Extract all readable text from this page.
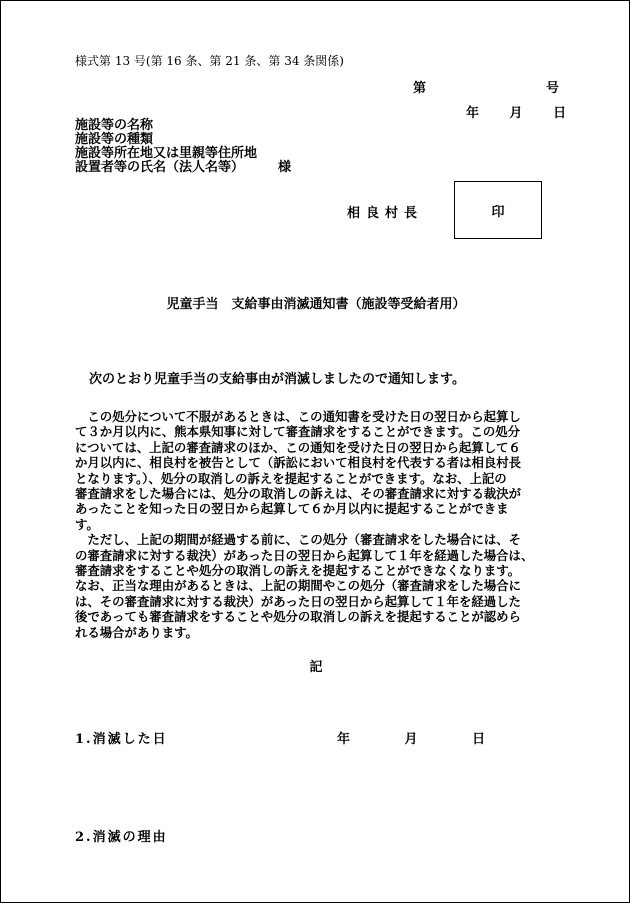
様式第 13 号(第 16 条、第 21 条、第 34 条関係)
第	号
年 月 日
施設等の名称
施設等の種類
施設等所在地又は里親等住所地
設置者等の氏名（法人名等）	様
相良村長	印
児童手当　支給事由消滅通知書（施設等受給者用）
次のとおり児童手当の支給事由が消滅しましたので通知します。
　この処分について不服があるときは、この通知書を受けた日の翌日から起算し
て３か月以内に、熊本県知事に対して審査請求をすることができます。この処分
については、上記の審査請求のほか、この通知を受けた日の翌日から起算して６
か月以内に、相良村を被告として（訴訟において相良村を代表する者は相良村長
となります。）、処分の取消しの訴えを提起することができます。なお、上記の
審査請求をした場合には、処分の取消しの訴えは、その審査請求に対する裁決が
あったことを知った日の翌日から起算して６か月以内に提起することができま
す。
　ただし、上記の期間が経過する前に、この処分（審査請求をした場合には、そ
の審査請求に対する裁決）があった日の翌日から起算して１年を経過した場合は、
審査請求をすることや処分の取消しの訴えを提起することができなくなります。
なお、正当な理由があるときは、上記の期間やこの処分（審査請求をした場合に
は、その審査請求に対する裁決）があった日の翌日から起算して１年を経過した
後であっても審査請求をすることや処分の取消しの訴えを提起することが認めら
れる場合があります。
記
1.消滅した日	年	月	日
2.消滅の理由
